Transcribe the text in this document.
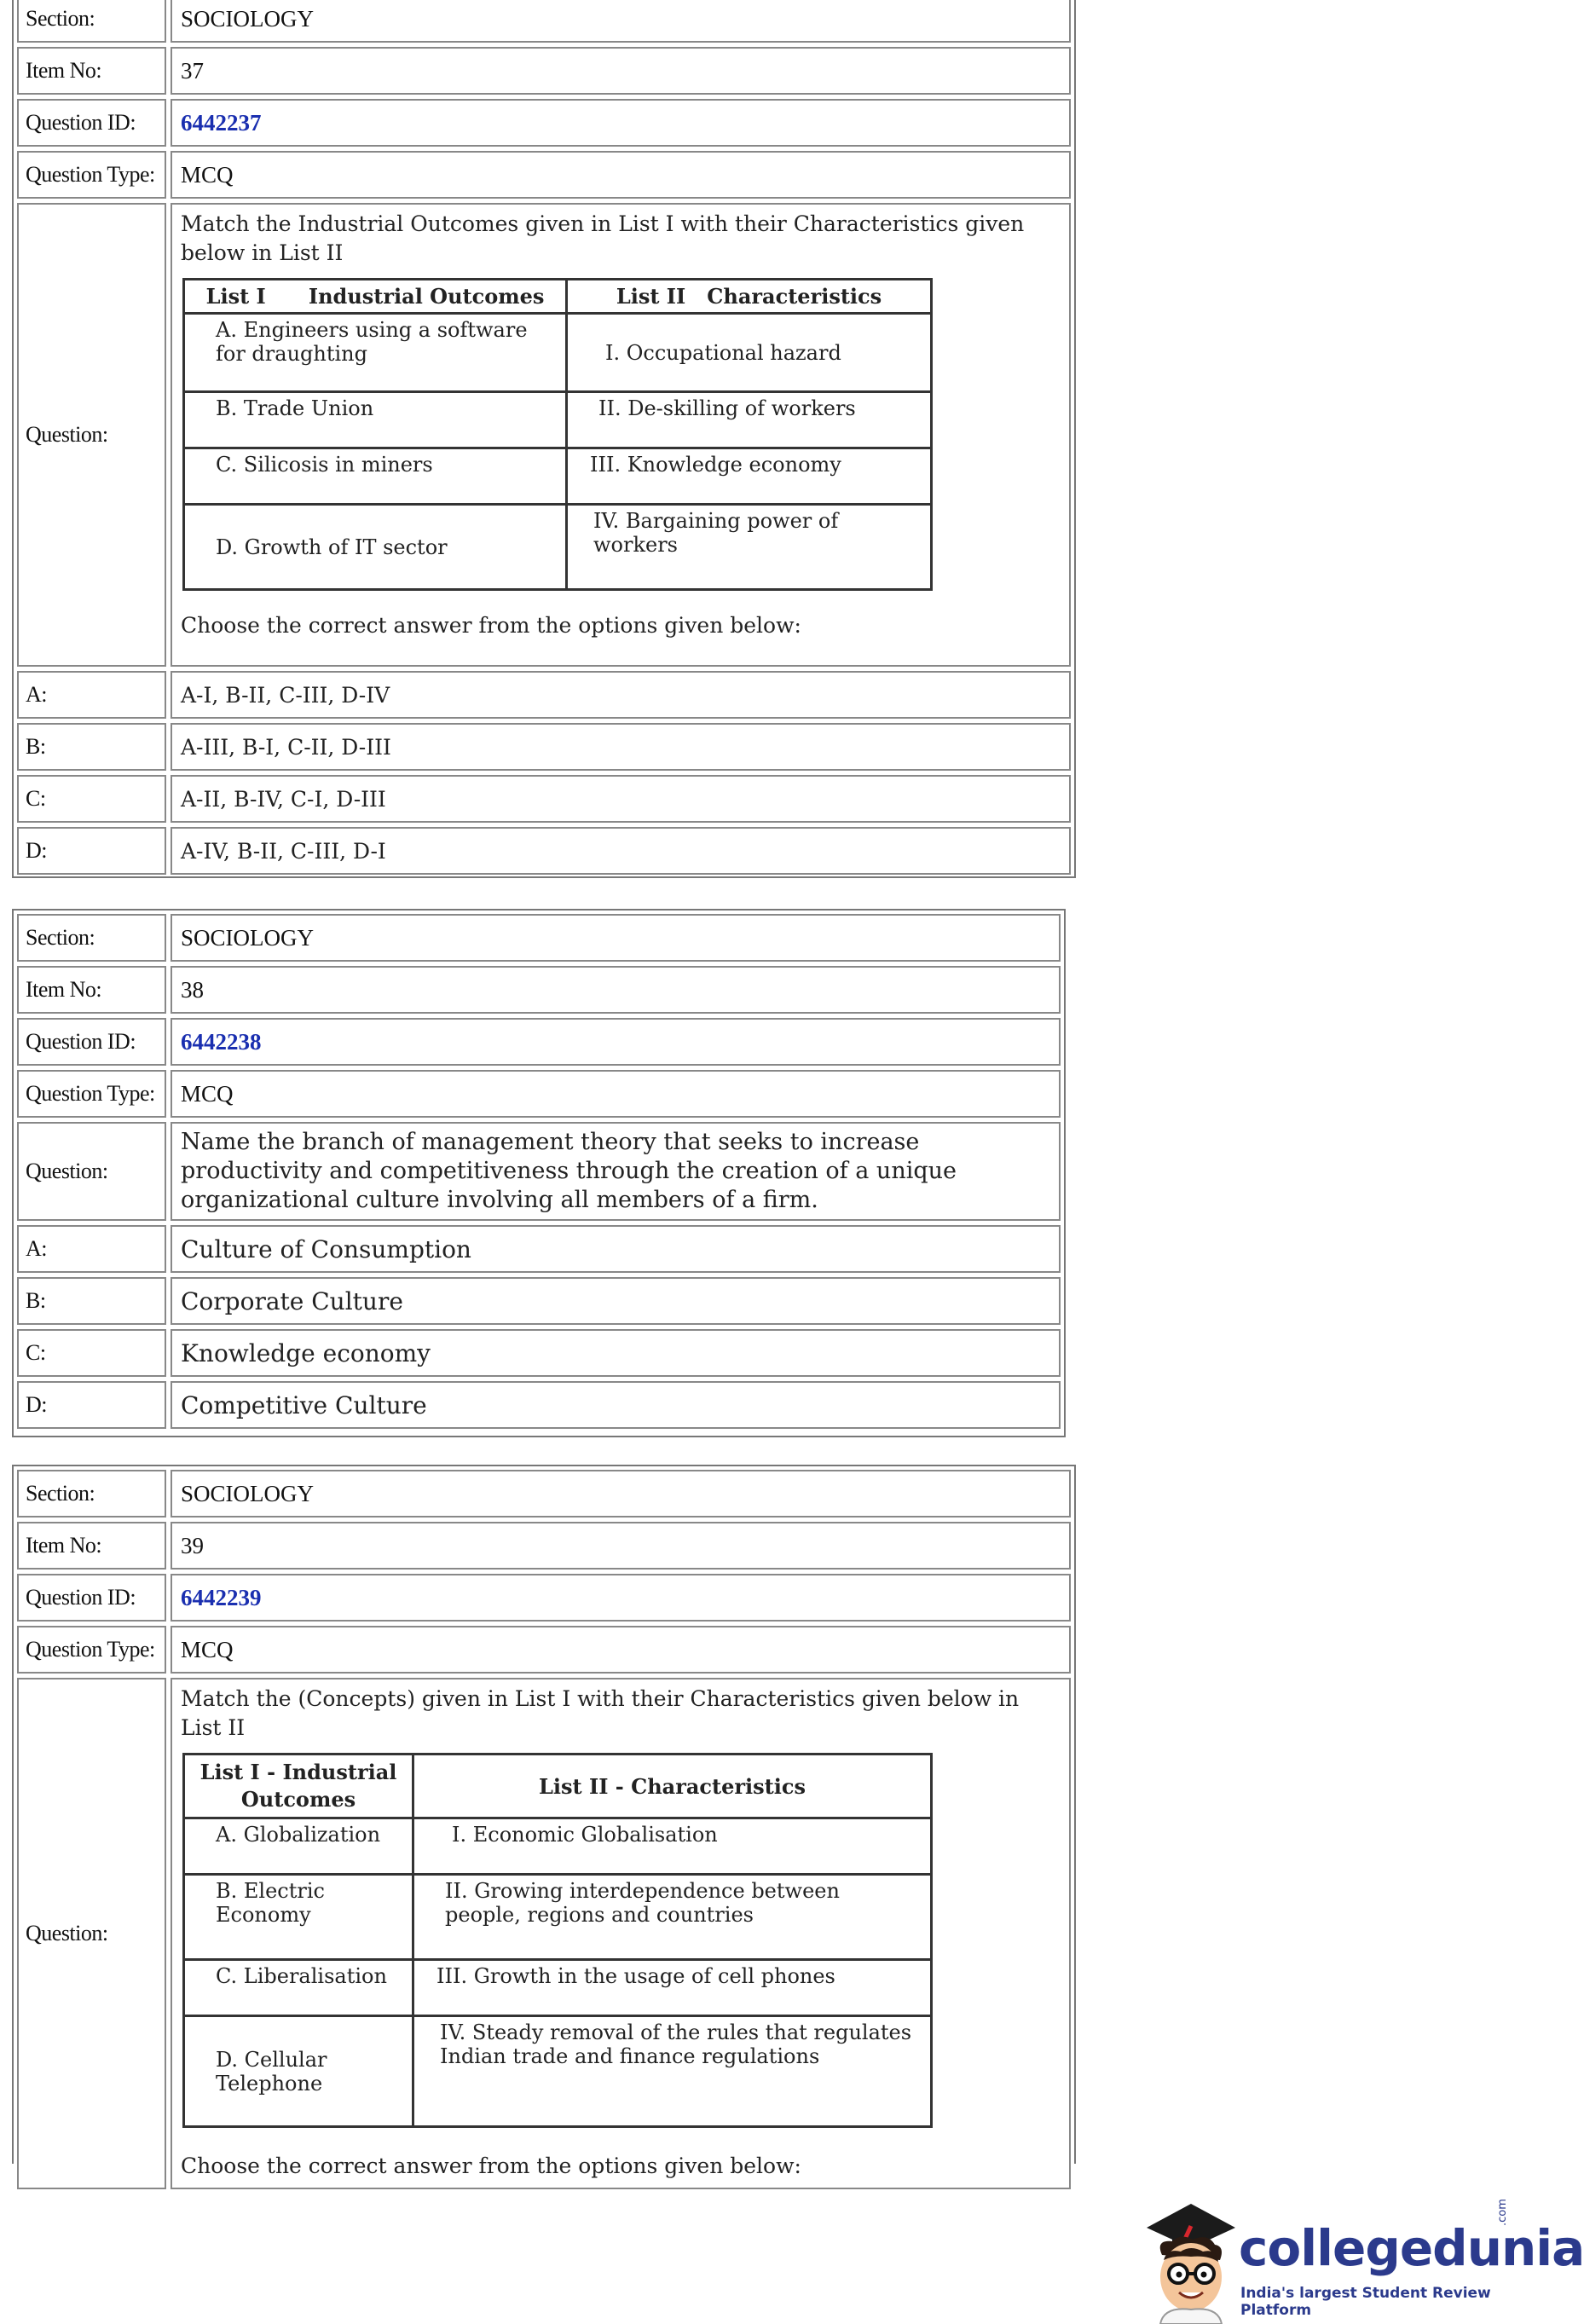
Section:	SOCIOLOGY
Item No:	37
Question ID:	6442237
Question Type:	MCQ
Question:
Match the Industrial Outcomes given in List I with their Characteristics given below in List II
List I      Industrial Outcomes	List II   Characteristics
A. Engineers using a software for draughting	I. Occupational hazard
B. Trade Union	II. De-skilling of workers
C. Silicosis in miners	III. Knowledge economy
D. Growth of IT sector	IV. Bargaining power of workers
Choose the correct answer from the options given below:
A:	A-I, B-II, C-III, D-IV
B:	A-III, B-I, C-II, D-III
C:	A-II, B-IV, C-I, D-III
D:	A-IV, B-II, C-III, D-I
Section:	SOCIOLOGY
Item No:	38
Question ID:	6442238
Question Type:	MCQ
Question:
Name the branch of management theory that seeks to increase productivity and competitiveness through the creation of a unique organizational culture involving all members of a firm.
A:	Culture of Consumption
B:	Corporate Culture
C:	Knowledge economy
D:	Competitive Culture
Section:	SOCIOLOGY
Item No:	39
Question ID:	6442239
Question Type:	MCQ
Question:
Match the (Concepts) given in List I with their Characteristics given below in List II
List I - Industrial Outcomes	List II - Characteristics
A. Globalization	I. Economic Globalisation
B. Electric Economy	II. Growing interdependence between people, regions and countries
C. Liberalisation	III. Growth in the usage of cell phones
D. Cellular Telephone	IV. Steady removal of the rules that regulates Indian trade and finance regulations
Choose the correct answer from the options given below:
collegedunia
.com
India's largest Student Review Platform
